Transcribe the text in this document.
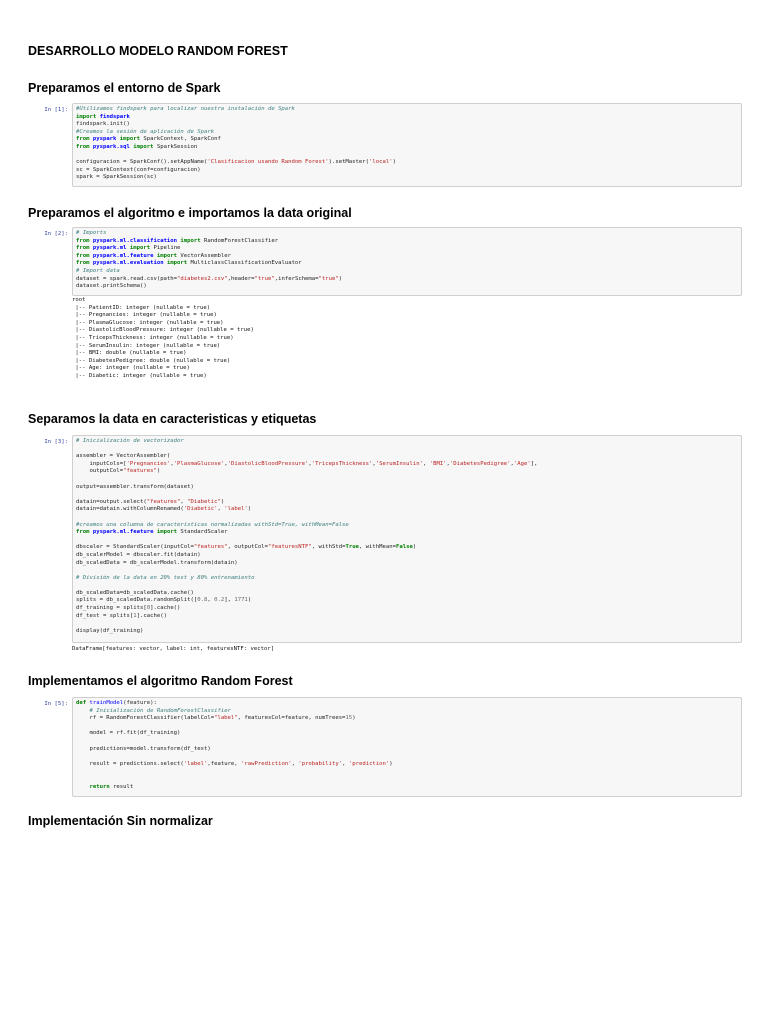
DESARROLLO MODELO RANDOM FOREST
Preparamos el entorno de Spark
In [1]:	#Utilizamos findspark para localizar nuestra instalación de Spark
import findspark
findspark.init()
#Creamos la sesión de aplicación de Spark
from pyspark import SparkContext, SparkConf
from pyspark.sql import SparkSession

configuracion = SparkConf().setAppName('Clasificacion usando Random Forest').setMaster('local')
sc = SparkContext(conf=configuracion)
spark = SparkSession(sc)
Preparamos el algoritmo e importamos la data original
In [2]:	# Imports
from pyspark.ml.classification import RandomForestClassifier
from pyspark.ml import Pipeline
from pyspark.ml.feature import VectorAssembler
from pyspark.ml.evaluation import MulticlassClassificationEvaluator
# Import data
dataset = spark.read.csv(path="diabetes2.csv",header="true",inferSchema="true")
dataset.printSchema()
root
|-- PatientID: integer (nullable = true)
|-- Pregnancies: integer (nullable = true)
|-- PlasmaGlucose: integer (nullable = true)
|-- DiastolicBloodPressure: integer (nullable = true)
|-- TricepsThickness: integer (nullable = true)
|-- SerumInsulin: integer (nullable = true)
|-- BMI: double (nullable = true)
|-- DiabetesPedigree: double (nullable = true)
|-- Age: integer (nullable = true)
|-- Diabetic: integer (nullable = true)
Separamos la data en caracteristicas y etiquetas
In [3]:	# Inicialización de vectorizador

assembler = VectorAssembler(
inputCols=['Pregnancies','PlasmaGlucose','DiastolicBloodPressure','TricepsThickness','SerumInsulin', 'BMI','DiabetesPedigree','Age'],
outputCol="features")

output=assembler.transform(dataset)

datain=output.select("features", "Diabetic")
datain=datain.withColumnRenamed('Diabetic', 'label')

#creamos una columna de características normalizadas withStd=True, withMean=False
from pyspark.ml.feature import StandardScaler

dbscaler = StandardScaler(inputCol="features", outputCol="featuresNTF", withStd=True, withMean=False)
db_scalerModel = dbscaler.fit(datain)
db_scaledData = db_scalerModel.transform(datain)

# División de la data en 20% test y 80% entrenamiento

db_scaledData=db_scaledData.cache()
splits = db_scaledData.randomSplit([0.8, 0.2], 1771)
df_training = splits[0].cache()
df_test = splits[1].cache()

display(df_training)
DataFrame[features: vector, label: int, featuresNTF: vector]
Implementamos el algoritmo Random Forest
In [5]:	def trainModel(feature):
# Inicialización de RandomForestClassifier
rf = RandomForestClassifier(labelCol="label", featuresCol=feature, numTrees=15)

model = rf.fit(df_training)

predictions=model.transform(df_test)

result = predictions.select('label',feature, 'rawPrediction', 'probability', 'prediction')

return result
Implementación Sin normalizar
